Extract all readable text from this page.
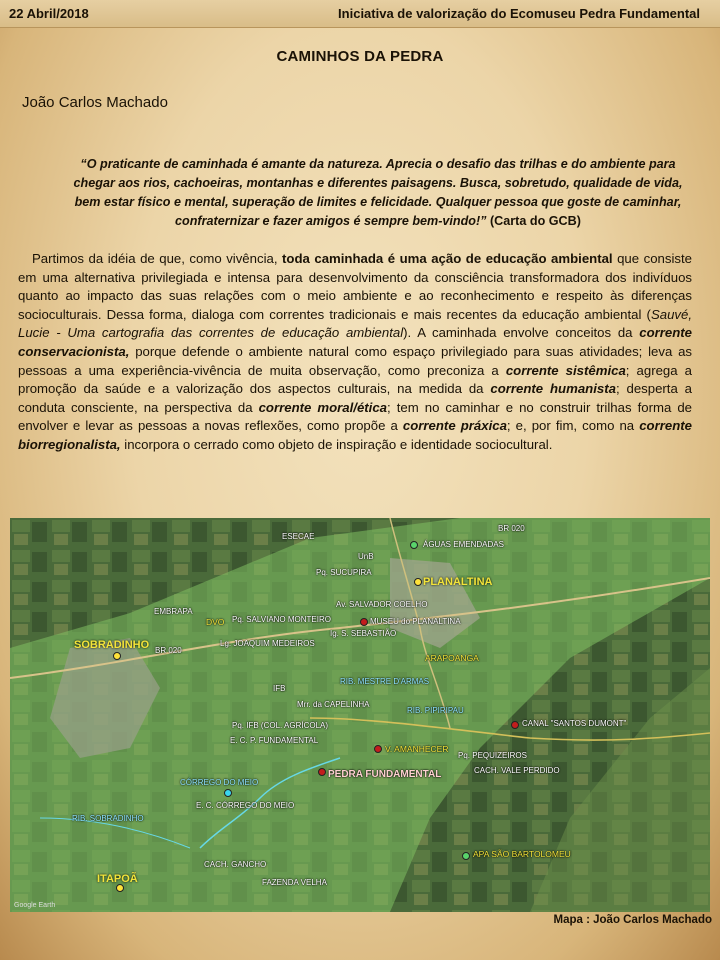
22 Abril/2018	Iniciativa de valorização do Ecomuseu Pedra Fundamental
CAMINHOS DA PEDRA
João Carlos Machado
“O praticante de caminhada é amante da natureza. Aprecia o desafio das trilhas e do ambiente para chegar aos rios, cachoeiras, montanhas e diferentes paisagens. Busca, sobretudo, qualidade de vida, bem estar físico e mental, superação de limites e felicidade. Qualquer pessoa que goste de caminhar, confraternizar e fazer amigos é sempre bem-vindo!” (Carta do GCB)
Partimos da idéia de que, como vivência, toda caminhada é uma ação de educação ambiental que consiste em uma alternativa privilegiada e intensa para desenvolvimento da consciência transformadora dos indivíduos quanto ao impacto das suas relações com o meio ambiente e ao reconhecimento e respeito às diferenças socioculturais. Dessa forma, dialoga com correntes tradicionais e mais recentes da educação ambiental (Sauvé, Lucie - Uma cartografia das correntes de educação ambiental). A caminhada envolve conceitos da corrente conservacionista, porque defende o ambiente natural como espaço privilegiado para suas atividades; leva as pessoas a uma experiência-vivência de muita observação, como preconiza a corrente sistêmica; agrega a promoção da saúde e a valorização dos aspectos culturais, na medida da corrente humanista; desperta a conduta consciente, na perspectiva da corrente moral/ética; tem no caminhar e no construir trilhas forma de envolver e levar as pessoas a novas reflexões, como propõe a corrente práxica; e, por fim, como na corrente biorregionalista, incorpora o cerrado como objeto de inspiração e identidade sociocultural.
BR 020
ESECAE
ÁGUAS EMENDADAS
UnB
Pq. SUCUPIRA
PLANALTINA
EMBRAPA
Av. SALVADOR COELHO
DVO Pq. SALVIANO MONTEIRO	MUSEU do PLANALTINA
Ig. S. SEBASTIÃO
Lg. JOAQUIM MEDEIROS
SOBRADINHO BR 020
ARAPOANGA
IFB
RIB. MESTRE D'ARMAS
Mrr. da CAPELINHA
RIB. PIPIRIPAU
Pq. IFB (COL. AGRÍCOLA)	CANAL "SANTOS DUMONT"
E. C. P. FUNDAMENTAL
V. AMANHECER
Pq. PEQUIZEIROS
PEDRA FUNDAMENTAL	CACH. VALE PERDIDO
CÓRREGO DO MEIO
E. C. CÓRREGO DO MEIO
RIB. SOBRADINHO
APA SÃO BARTOLOMEU
CACH. GANCHO
ITAPOÃ	FAZENDA VELHA
Google Earth
Mapa : João Carlos Machado
